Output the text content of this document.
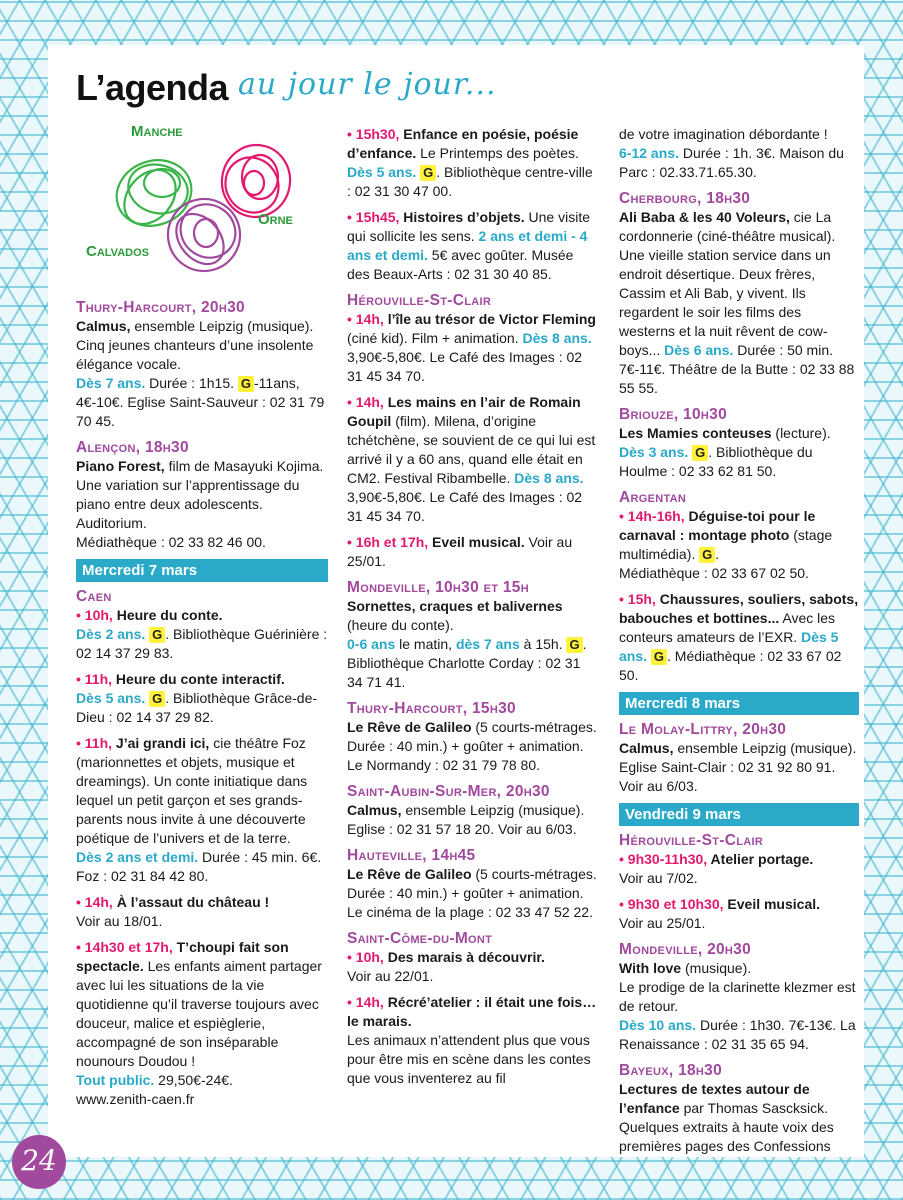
L’agenda au jour le jour...
Manche
Orne
Calvados
Thury-Harcourt, 20h30
Calmus, ensemble Leipzig (musique).
Cinq jeunes chanteurs d’une insolente élégance vocale.
Dès 7 ans. Durée : 1h15. G -11ans, 4€-10€. Eglise Saint-Sauveur : 02 31 79 70 45.
Alençon, 18h30
Piano Forest, film de Masayuki Kojima. Une variation sur l’apprentissage du piano entre deux adolescents. Auditorium.
Médiathèque : 02 33 82 46 00.
Mercredi 7 mars
Caen
• 10h, Heure du conte.
Dès 2 ans. G . Bibliothèque Guérinière : 02 14 37 29 83.
• 11h, Heure du conte interactif.
Dès 5 ans. G . Bibliothèque Grâce-de-Dieu : 02 14 37 29 82.
• 11h, J’ai grandi ici, cie théâtre Foz (marionnettes et objets, musique et dreamings). Un conte initiatique dans lequel un petit garçon et ses grands-parents nous invite à une découverte poétique de l’univers et de la terre.
Dès 2 ans et demi. Durée : 45 min. 6€. Foz : 02 31 84 42 80.
• 14h, À l’assaut du château !
Voir au 18/01.
• 14h30 et 17h, T’choupi fait son spectacle. Les enfants aiment partager avec lui les situations de la vie quotidienne qu’il traverse toujours avec douceur, malice et espièglerie, accompagné de son inséparable nounours Doudou !
Tout public. 29,50€-24€.
www.zenith-caen.fr
• 15h30, Enfance en poésie, poésie d’enfance. Le Printemps des poètes. Dès 5 ans. G . Bibliothèque centre-ville : 02 31 30 47 00.
• 15h45, Histoires d’objets. Une visite qui sollicite les sens. 2 ans et demi - 4 ans et demi. 5€ avec goûter. Musée des Beaux-Arts : 02 31 30 40 85.
Hérouville-St-Clair
• 14h, l’île au trésor de Victor Fleming (ciné kid). Film + animation. Dès 8 ans. 3,90€-5,80€. Le Café des Images : 02 31 45 34 70.
• 14h, Les mains en l’air de Romain Goupil (film). Milena, d’origine tchétchène, se souvient de ce qui lui est arrivé il y a 60 ans, quand elle était en CM2. Festival Ribambelle. Dès 8 ans. 3,90€-5,80€. Le Café des Images : 02 31 45 34 70.
• 16h et 17h, Eveil musical. Voir au 25/01.
Mondeville, 10h30 et 15h
Sornettes, craques et balivernes (heure du conte).
0-6 ans le matin, dès 7 ans à 15h. G . Bibliothèque Charlotte Corday : 02 31 34 71 41.
Thury-Harcourt, 15h30
Le Rêve de Galileo (5 courts-métrages. Durée : 40 min.) + goûter + animation.
Le Normandy : 02 31 79 78 80.
Saint-Aubin-Sur-Mer, 20h30
Calmus, ensemble Leipzig (musique). Eglise : 02 31 57 18 20. Voir au 6/03.
Hauteville, 14h45
Le Rêve de Galileo (5 courts-métrages. Durée : 40 min.) + goûter + animation. Le cinéma de la plage : 02 33 47 52 22.
Saint-Côme-du-Mont
• 10h, Des marais à découvrir.
Voir au 22/01.
• 14h, Récré’atelier : il était une fois… le marais.
Les animaux n’attendent plus que vous pour être mis en scène dans les contes que vous inventerez au fil
de votre imagination débordante !
6-12 ans. Durée : 1h. 3€. Maison du Parc : 02.33.71.65.30.
Cherbourg, 18h30
Ali Baba & les 40 Voleurs, cie La cordonnerie (ciné-théâtre musical). Une vieille station service dans un endroit désertique. Deux frères, Cassim et Ali Bab, y vivent. Ils regardent le soir les films des westerns et la nuit rêvent de cow-boys... Dès 6 ans. Durée : 50 min. 7€-11€. Théâtre de la Butte : 02 33 88 55 55.
Briouze, 10h30
Les Mamies conteuses (lecture).
Dès 3 ans. G . Bibliothèque du Houlme : 02 33 62 81 50.
Argentan
• 14h-16h, Déguise-toi pour le carnaval : montage photo (stage multimédia). G .
Médiathèque : 02 33 67 02 50.
• 15h, Chaussures, souliers, sabots, babouches et bottines... Avec les conteurs amateurs de l’EXR. Dès 5 ans. G . Médiathèque : 02 33 67 02 50.
Mercredi 8 mars
Le Molay-Littry, 20h30
Calmus, ensemble Leipzig (musique). Eglise Saint-Clair : 02 31 92 80 91. Voir au 6/03.
Vendredi 9 mars
Hérouville-St-Clair
• 9h30-11h30, Atelier portage.
Voir au 7/02.
• 9h30 et 10h30, Eveil musical.
Voir au 25/01.
Mondeville, 20h30
With love (musique).
Le prodige de la clarinette klezmer est de retour.
Dès 10 ans. Durée : 1h30. 7€-13€. La Renaissance : 02 31 35 65 94.
Bayeux, 18h30
Lectures de textes autour de l’enfance par Thomas Sascksick. Quelques extraits à haute voix des premières pages des Confessions
24
